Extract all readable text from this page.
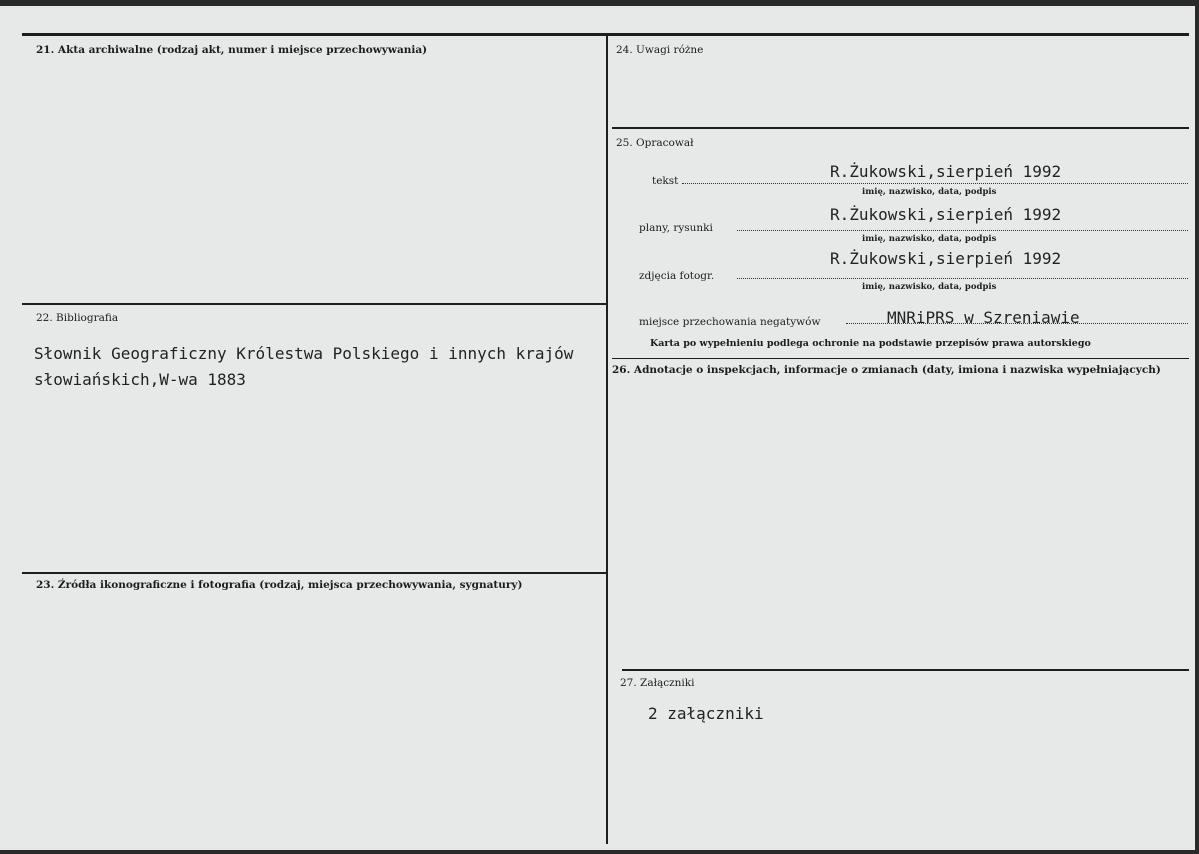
21. Akta archiwalne (rodzaj akt, numer i miejsce przechowywania)
22. Bibliografia
Słownik Geograficzny Królestwa Polskiego i innych krajów
słowiańskich,W-wa 1883
23. Źródła ikonograficzne i fotografia (rodzaj, miejsca przechowywania, sygnatury)
24. Uwagi różne
25. Opracował
tekst	R.Żukowski,sierpień 1992
imię, nazwisko, data, podpis
plany, rysunki
R.Żukowski,sierpień 1992
imię, nazwisko, data, podpis
zdjęcia fotogr.
R.Żukowski,sierpień 1992
imię, nazwisko, data, podpis
miejsce przechowania negatywów	MNRiPRS w Szreniawie
Karta po wypełnieniu podlega ochronie na podstawie przepisów prawa autorskiego
26. Adnotacje o inspekcjach, informacje o zmianach (daty, imiona i nazwiska wypełniających)
27. Załączniki
2 załączniki
